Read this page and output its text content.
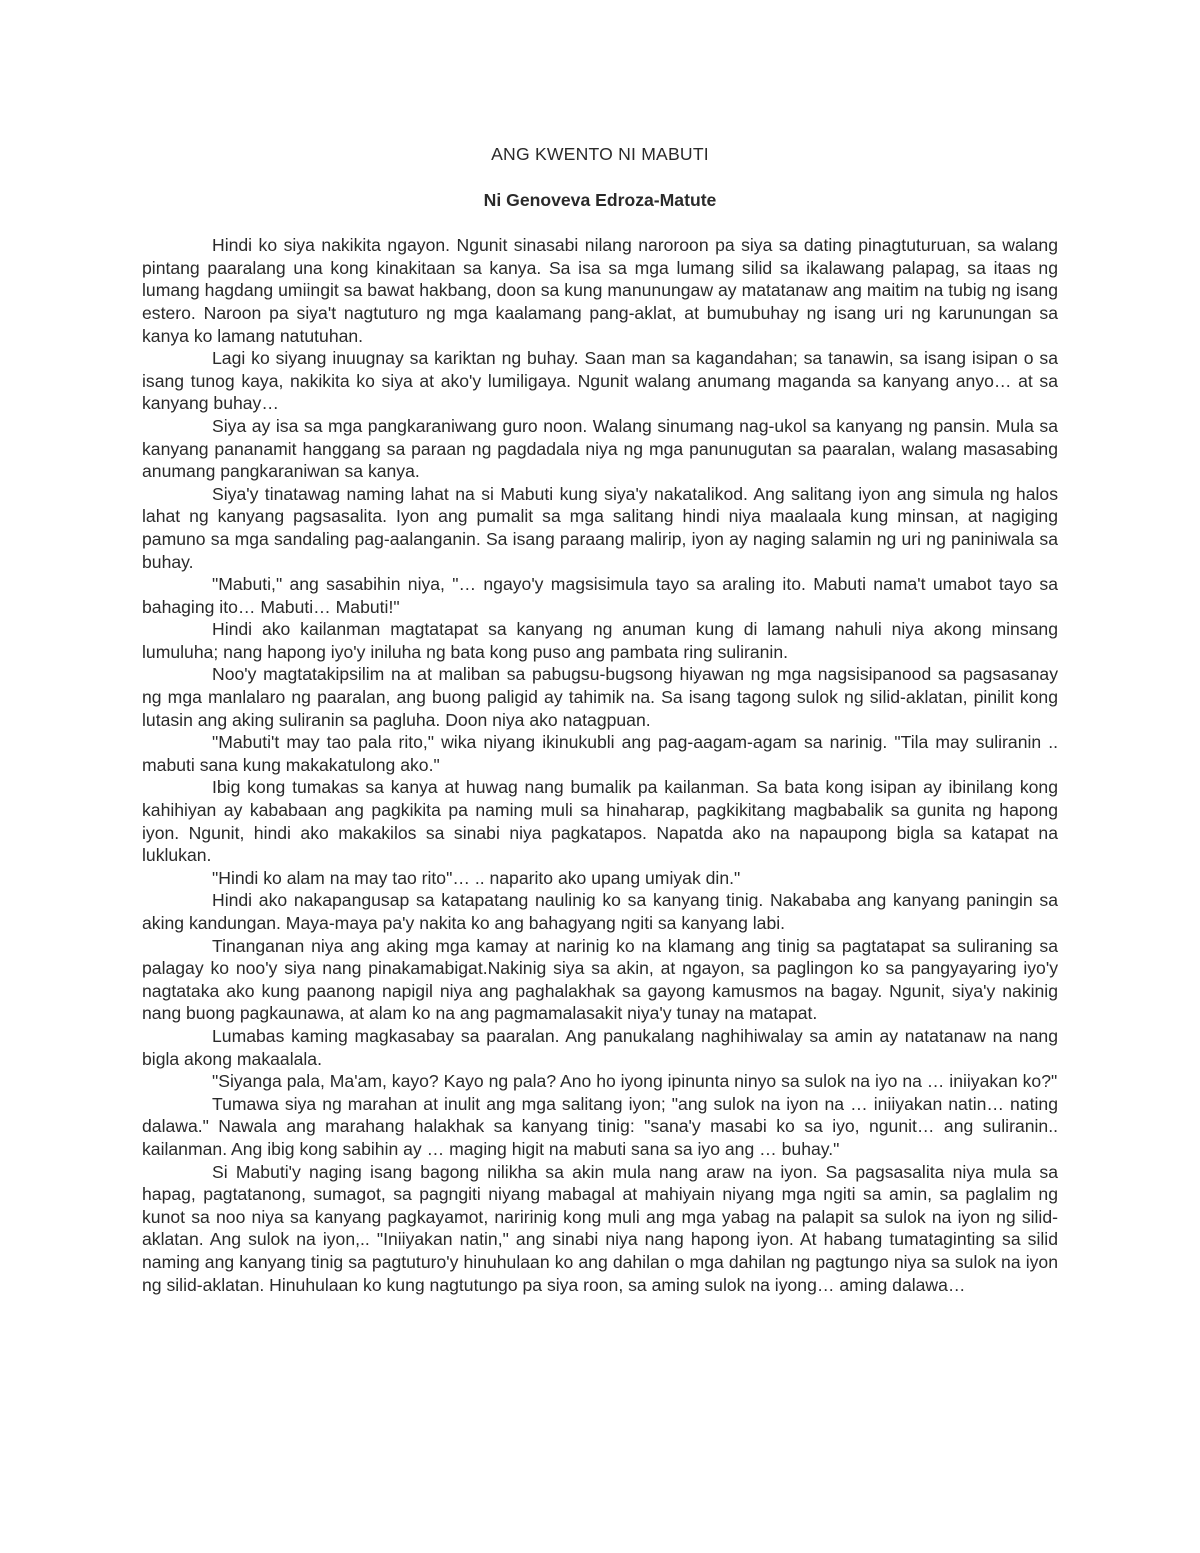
ANG KWENTO NI MABUTI
Ni Genoveva Edroza-Matute

Hindi ko siya nakikita ngayon. Ngunit sinasabi nilang naroroon pa siya sa dating pinagtuturuan, sa walang pintang paaralang una kong kinakitaan sa kanya. Sa isa sa mga lumang silid sa ikalawang palapag, sa itaas ng lumang hagdang umiingit sa bawat hakbang, doon sa kung manunungaw ay matatanaw ang maitim na tubig ng isang estero. Naroon pa siya't nagtuturo ng mga kaalamang pang-aklat, at bumubuhay ng isang uri ng karunungan sa kanya ko lamang natutuhan.

Lagi ko siyang inuugnay sa kariktan ng buhay. Saan man sa kagandahan; sa tanawin, sa isang isipan o sa isang tunog kaya, nakikita ko siya at ako'y lumiligaya. Ngunit walang anumang maganda sa kanyang anyo… at sa kanyang buhay…

Siya ay isa sa mga pangkaraniwang guro noon. Walang sinumang nag-ukol sa kanyang ng pansin. Mula sa kanyang pananamit hanggang sa paraan ng pagdadala niya ng mga panunugutan sa paaralan, walang masasabing anumang pangkaraniwan sa kanya.

Siya'y tinatawag naming lahat na si Mabuti kung siya'y nakatalikod. Ang salitang iyon ang simula ng halos lahat ng kanyang pagsasalita. Iyon ang pumalit sa mga salitang hindi niya maalaala kung minsan, at nagiging pamuno sa mga sandaling pag-aalanganin. Sa isang paraang malirip, iyon ay naging salamin ng uri ng paniniwala sa buhay.

"Mabuti," ang sasabihin niya, "… ngayo'y magsisimula tayo sa araling ito. Mabuti nama't umabot tayo sa bahaging ito… Mabuti… Mabuti!"

Hindi ako kailanman magtatapat sa kanyang ng anuman kung di lamang nahuli niya akong minsang lumuluha; nang hapong iyo'y iniluha ng bata kong puso ang pambata ring suliranin.

Noo'y magtatakipsilim na at maliban sa pabugsu-bugsong hiyawan ng mga nagsisipanood sa pagsasanay ng mga manlalaro ng paaralan, ang buong paligid ay tahimik na. Sa isang tagong sulok ng silid-aklatan, pinilit kong lutasin ang aking suliranin sa pagluha. Doon niya ako natagpuan.

"Mabuti't may tao pala rito," wika niyang ikinukubli ang pag-aagam-agam sa narinig. "Tila may suliranin .. mabuti sana kung makakatulong ako."

Ibig kong tumakas sa kanya at huwag nang bumalik pa kailanman. Sa bata kong isipan ay ibinilang kong kahihiyan ay kababaan ang pagkikita pa naming muli sa hinaharap, pagkikitang magbabalik sa gunita ng hapong iyon. Ngunit, hindi ako makakilos sa sinabi niya pagkatapos. Napatda ako na napaupong bigla sa katapat na luklukan.

"Hindi ko alam na may tao rito"… .. naparito ako upang umiyak din."

Hindi ako nakapangusap sa katapatang naulinig ko sa kanyang tinig. Nakababa ang kanyang paningin sa aking kandungan. Maya-maya pa'y nakita ko ang bahagyang ngiti sa kanyang labi.

Tinanganan niya ang aking mga kamay at narinig ko na klamang ang tinig sa pagtatapat sa suliraning sa palagay ko noo'y siya nang pinakamabigat.Nakinig siya sa akin, at ngayon, sa paglingon ko sa pangyayaring iyo'y nagtataka ako kung paanong napigil niya ang paghalakhak sa gayong kamusmos na bagay. Ngunit, siya'y nakinig nang buong pagkaunawa, at alam ko na ang pagmamalasakit niya'y tunay na matapat.

Lumabas kaming magkasabay sa paaralan. Ang panukalang naghihiwalay sa amin ay natatanaw na nang bigla akong makaalala.

"Siyanga pala, Ma'am, kayo? Kayo ng pala? Ano ho iyong ipinunta ninyo sa sulok na iyo na … iniiyakan ko?"

Tumawa siya ng marahan at inulit ang mga salitang iyon; "ang sulok na iyon na … iniiyakan natin… nating dalawa." Nawala ang marahang halakhak sa kanyang tinig: "sana'y masabi ko sa iyo, ngunit… ang suliranin.. kailanman. Ang ibig kong sabihin ay … maging higit na mabuti sana sa iyo ang … buhay."

Si Mabuti'y naging isang bagong nilikha sa akin mula nang araw na iyon. Sa pagsasalita niya mula sa hapag, pagtatanong, sumagot, sa pagngiti niyang mabagal at mahiyain niyang mga ngiti sa amin, sa paglalim ng kunot sa noo niya sa kanyang pagkayamot, naririnig kong muli ang mga yabag na palapit sa sulok na iyon ng silid-aklatan. Ang sulok na iyon,.. "Iniiyakan natin," ang sinabi niya nang hapong iyon. At habang tumataginting sa silid naming ang kanyang tinig sa pagtuturo'y hinuhulaan ko ang dahilan o mga dahilan ng pagtungo niya sa sulok na iyon ng silid-aklatan. Hinuhulaan ko kung nagtutungo pa siya roon, sa aming sulok na iyong… aming dalawa…
